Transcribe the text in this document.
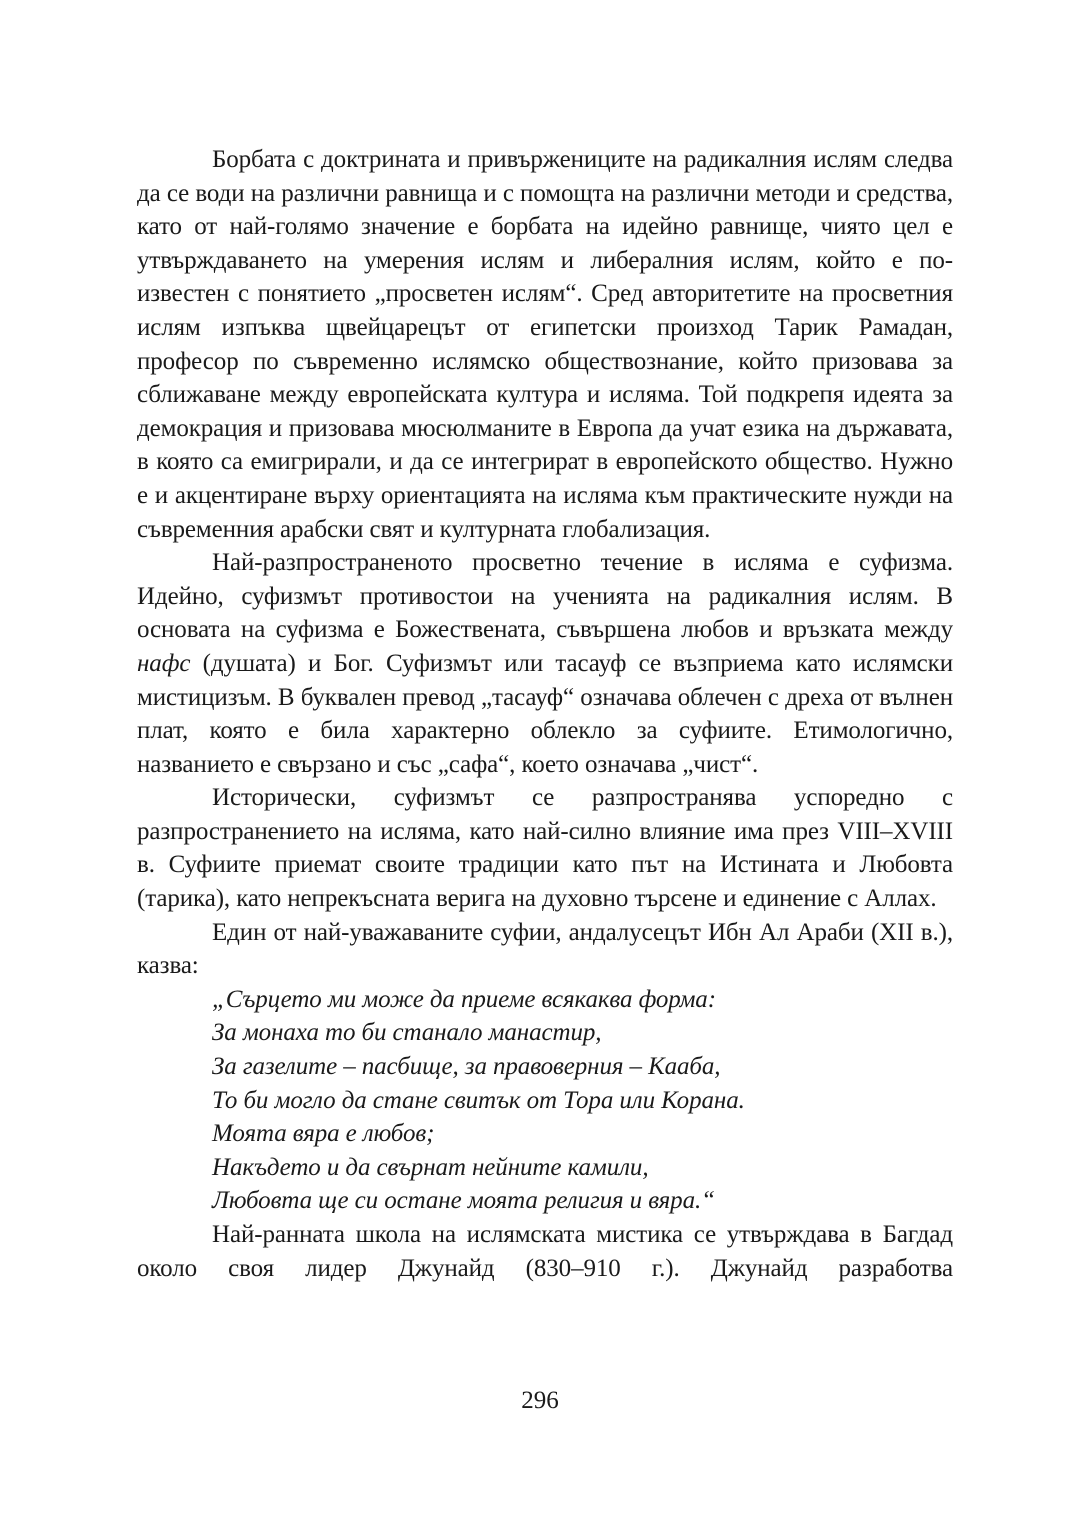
Борбата с доктрината и привържениците на радикалния ислям следва да се води на различни равнища и с помощта на различни методи и средства, като от най-голямо значение е борбата на идейно равнище, чиято цел е утвърждаването на умерения ислям и либералния ислям, който е по-известен с понятието „просветен ислям“. Сред авторитетите на просветния ислям изпъква щвейцарецът от египетски произход Тарик Рамадан, професор по съвременно ислямско обществознание, който призовава за сближаване между европейската култура и исляма. Той подкрепя идеята за демокрация и призовава мюсюлманите в Европа да учат езика на държавата, в която са емигрирали, и да се интегрират в европейското общество. Нужно е и акцентиране върху ориентацията на исляма към практическите нужди на съвременния арабски свят и културната глобализация.

Най-разпространеното просветно течение в исляма е суфизма. Идейно, суфизмът противостои на ученията на радикалния ислям. В основата на суфизма е Божествената, съвършена любов и връзката между нафс (душата) и Бог. Суфизмът или тасауф се възприема като ислямски мистицизъм. В буквален превод „тасауф“ означава облечен с дреха от вълнен плат, която е била характерно облекло за суфиите. Етимологично, названието е свързано и със „сафа“, което означава „чист“.

Исторически, суфизмът се разпространява успоредно с разпространението на исляма, като най-силно влияние има през VIII–XVIII в. Суфиите приемат своите традиции като път на Истината и Любовта (тарика), като непрекъсната верига на духовно търсене и единение с Аллах.

Един от най-уважаваните суфии, андалусецът Ибн Ал Араби (XII в.), казва:

„Сърцето ми може да приеме всякаква форма:
За монаха то би станало манастир,
За газелите – пасбище, за правоверния – Кааба,
То би могло да стане свитък от Тора или Корана.
Моята вяра е любов;
Накъдето и да свърнат нейните камили,
Любовта ще си остане моята религия и вяра.“

Най-ранната школа на ислямската мистика се утвърждава в Багдад около своя лидер Джунайд (830–910 г.). Джунайд разработва

296
